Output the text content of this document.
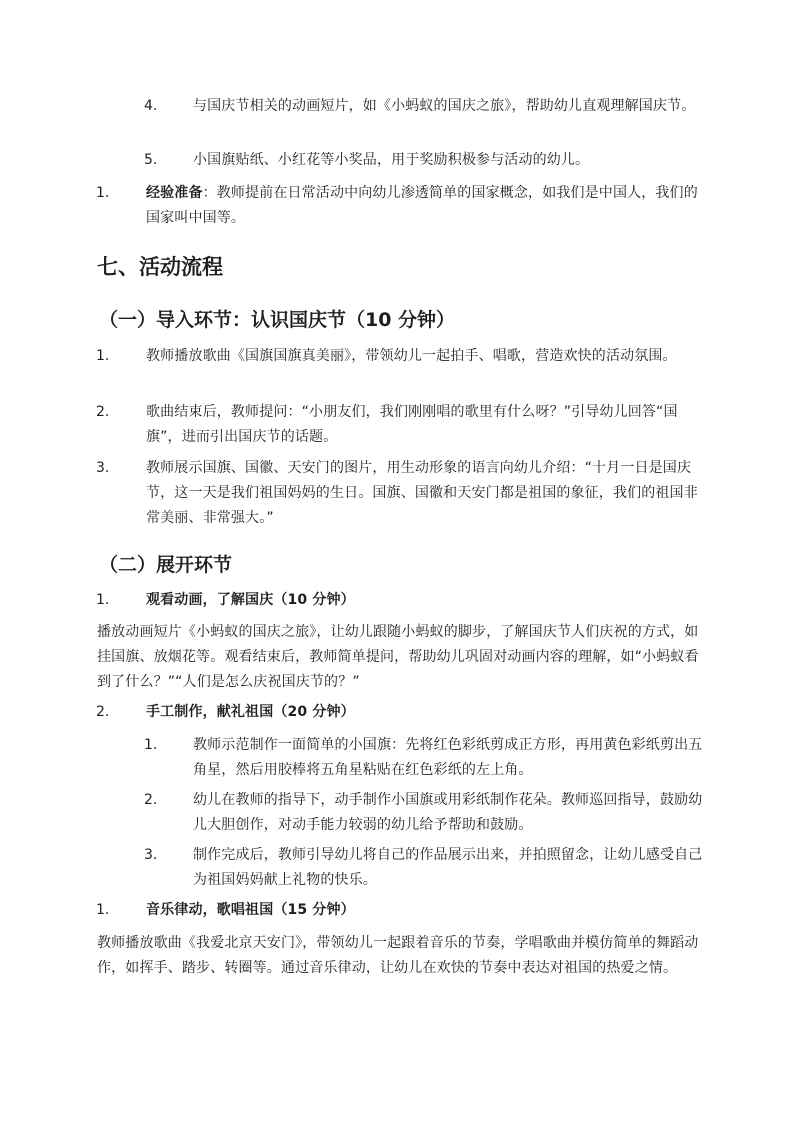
4.	与国庆节相关的动画短片，如《小蚂蚁的国庆之旅》，帮助幼儿直观理解国庆节。
5.	小国旗贴纸、小红花等小奖品，用于奖励积极参与活动的幼儿。
1.	经验准备：教师提前在日常活动中向幼儿渗透简单的国家概念，如我们是中国人，我们的国家叫中国等。
七、活动流程
（一）导入环节：认识国庆节（10 分钟）
1.	教师播放歌曲《国旗国旗真美丽》，带领幼儿一起拍手、唱歌，营造欢快的活动氛围。
2.	歌曲结束后，教师提问：“小朋友们，我们刚刚唱的歌里有什么呀？”引导幼儿回答“国旗”，进而引出国庆节的话题。
3.	教师展示国旗、国徽、天安门的图片，用生动形象的语言向幼儿介绍：“十月一日是国庆节，这一天是我们祖国妈妈的生日。国旗、国徽和天安门都是祖国的象征，我们的祖国非常美丽、非常强大。”
（二）展开环节
1.	观看动画，了解国庆（10 分钟）
播放动画短片《小蚂蚁的国庆之旅》，让幼儿跟随小蚂蚁的脚步，了解国庆节人们庆祝的方式，如挂国旗、放烟花等。观看结束后，教师简单提问，帮助幼儿巩固对动画内容的理解，如“小蚂蚁看到了什么？”“人们是怎么庆祝国庆节的？”
2.	手工制作，献礼祖国（20 分钟）
1.	教师示范制作一面简单的小国旗：先将红色彩纸剪成正方形，再用黄色彩纸剪出五角星，然后用胶棒将五角星粘贴在红色彩纸的左上角。
2.	幼儿在教师的指导下，动手制作小国旗或用彩纸制作花朵。教师巡回指导，鼓励幼儿大胆创作，对动手能力较弱的幼儿给予帮助和鼓励。
3.	制作完成后，教师引导幼儿将自己的作品展示出来，并拍照留念，让幼儿感受自己为祖国妈妈献上礼物的快乐。
1.	音乐律动，歌唱祖国（15 分钟）
教师播放歌曲《我爱北京天安门》，带领幼儿一起跟着音乐的节奏，学唱歌曲并模仿简单的舞蹈动作，如挥手、踏步、转圈等。通过音乐律动，让幼儿在欢快的节奏中表达对祖国的热爱之情。
